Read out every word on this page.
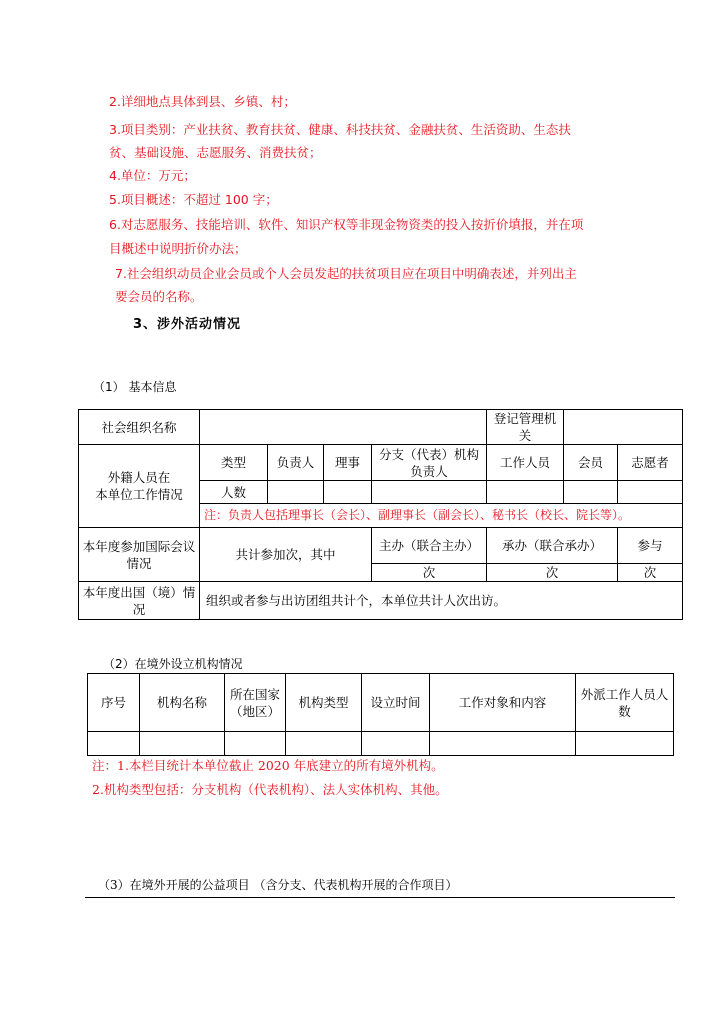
2.详细地点具体到县、乡镇、村；
3.项目类别：产业扶贫、教育扶贫、健康、科技扶贫、金融扶贫、生活资助、生态扶
贫、基础设施、志愿服务、消费扶贫；
4.单位：万元；
5.项目概述：不超过 100 字；
6.对志愿服务、技能培训、软件、知识产权等非现金物资类的投入按折价填报，并在项
目概述中说明折价办法；
7.社会组织动员企业会员或个人会员发起的扶贫项目应在项目中明确表述，并列出主
要会员的名称。
3、涉外活动情况
（1） 基本信息
社会组织名称					登记管理机关		

外籍人员在
本单位工作情况	类型	负责人	理事	分支（代表）机构负责人	工作人员	会员	志愿者
	人数						
	注：负责人包括理事长（会长）、副理事长（副会长）、秘书长（校长、院长等）。						
本年度参加国际会议情况	共计参加次，其中			主办（联合主办）	承办（联合承办）		参与
				次	次		次
本年度出国（境）情况	组织或者参与出访团组共计个，本单位共计人次出访。						
（2）在境外设立机构情况
序号	机构名称	所在国家（地区）	机构类型	设立时间	工作对象和内容	外派工作人员人数

注：1.本栏目统计本单位截止 2020 年底建立的所有境外机构。
2.机构类型包括：分支机构（代表机构）、法人实体机构、其他。
（3）在境外开展的公益项目 （含分支、代表机构开展的合作项目）
